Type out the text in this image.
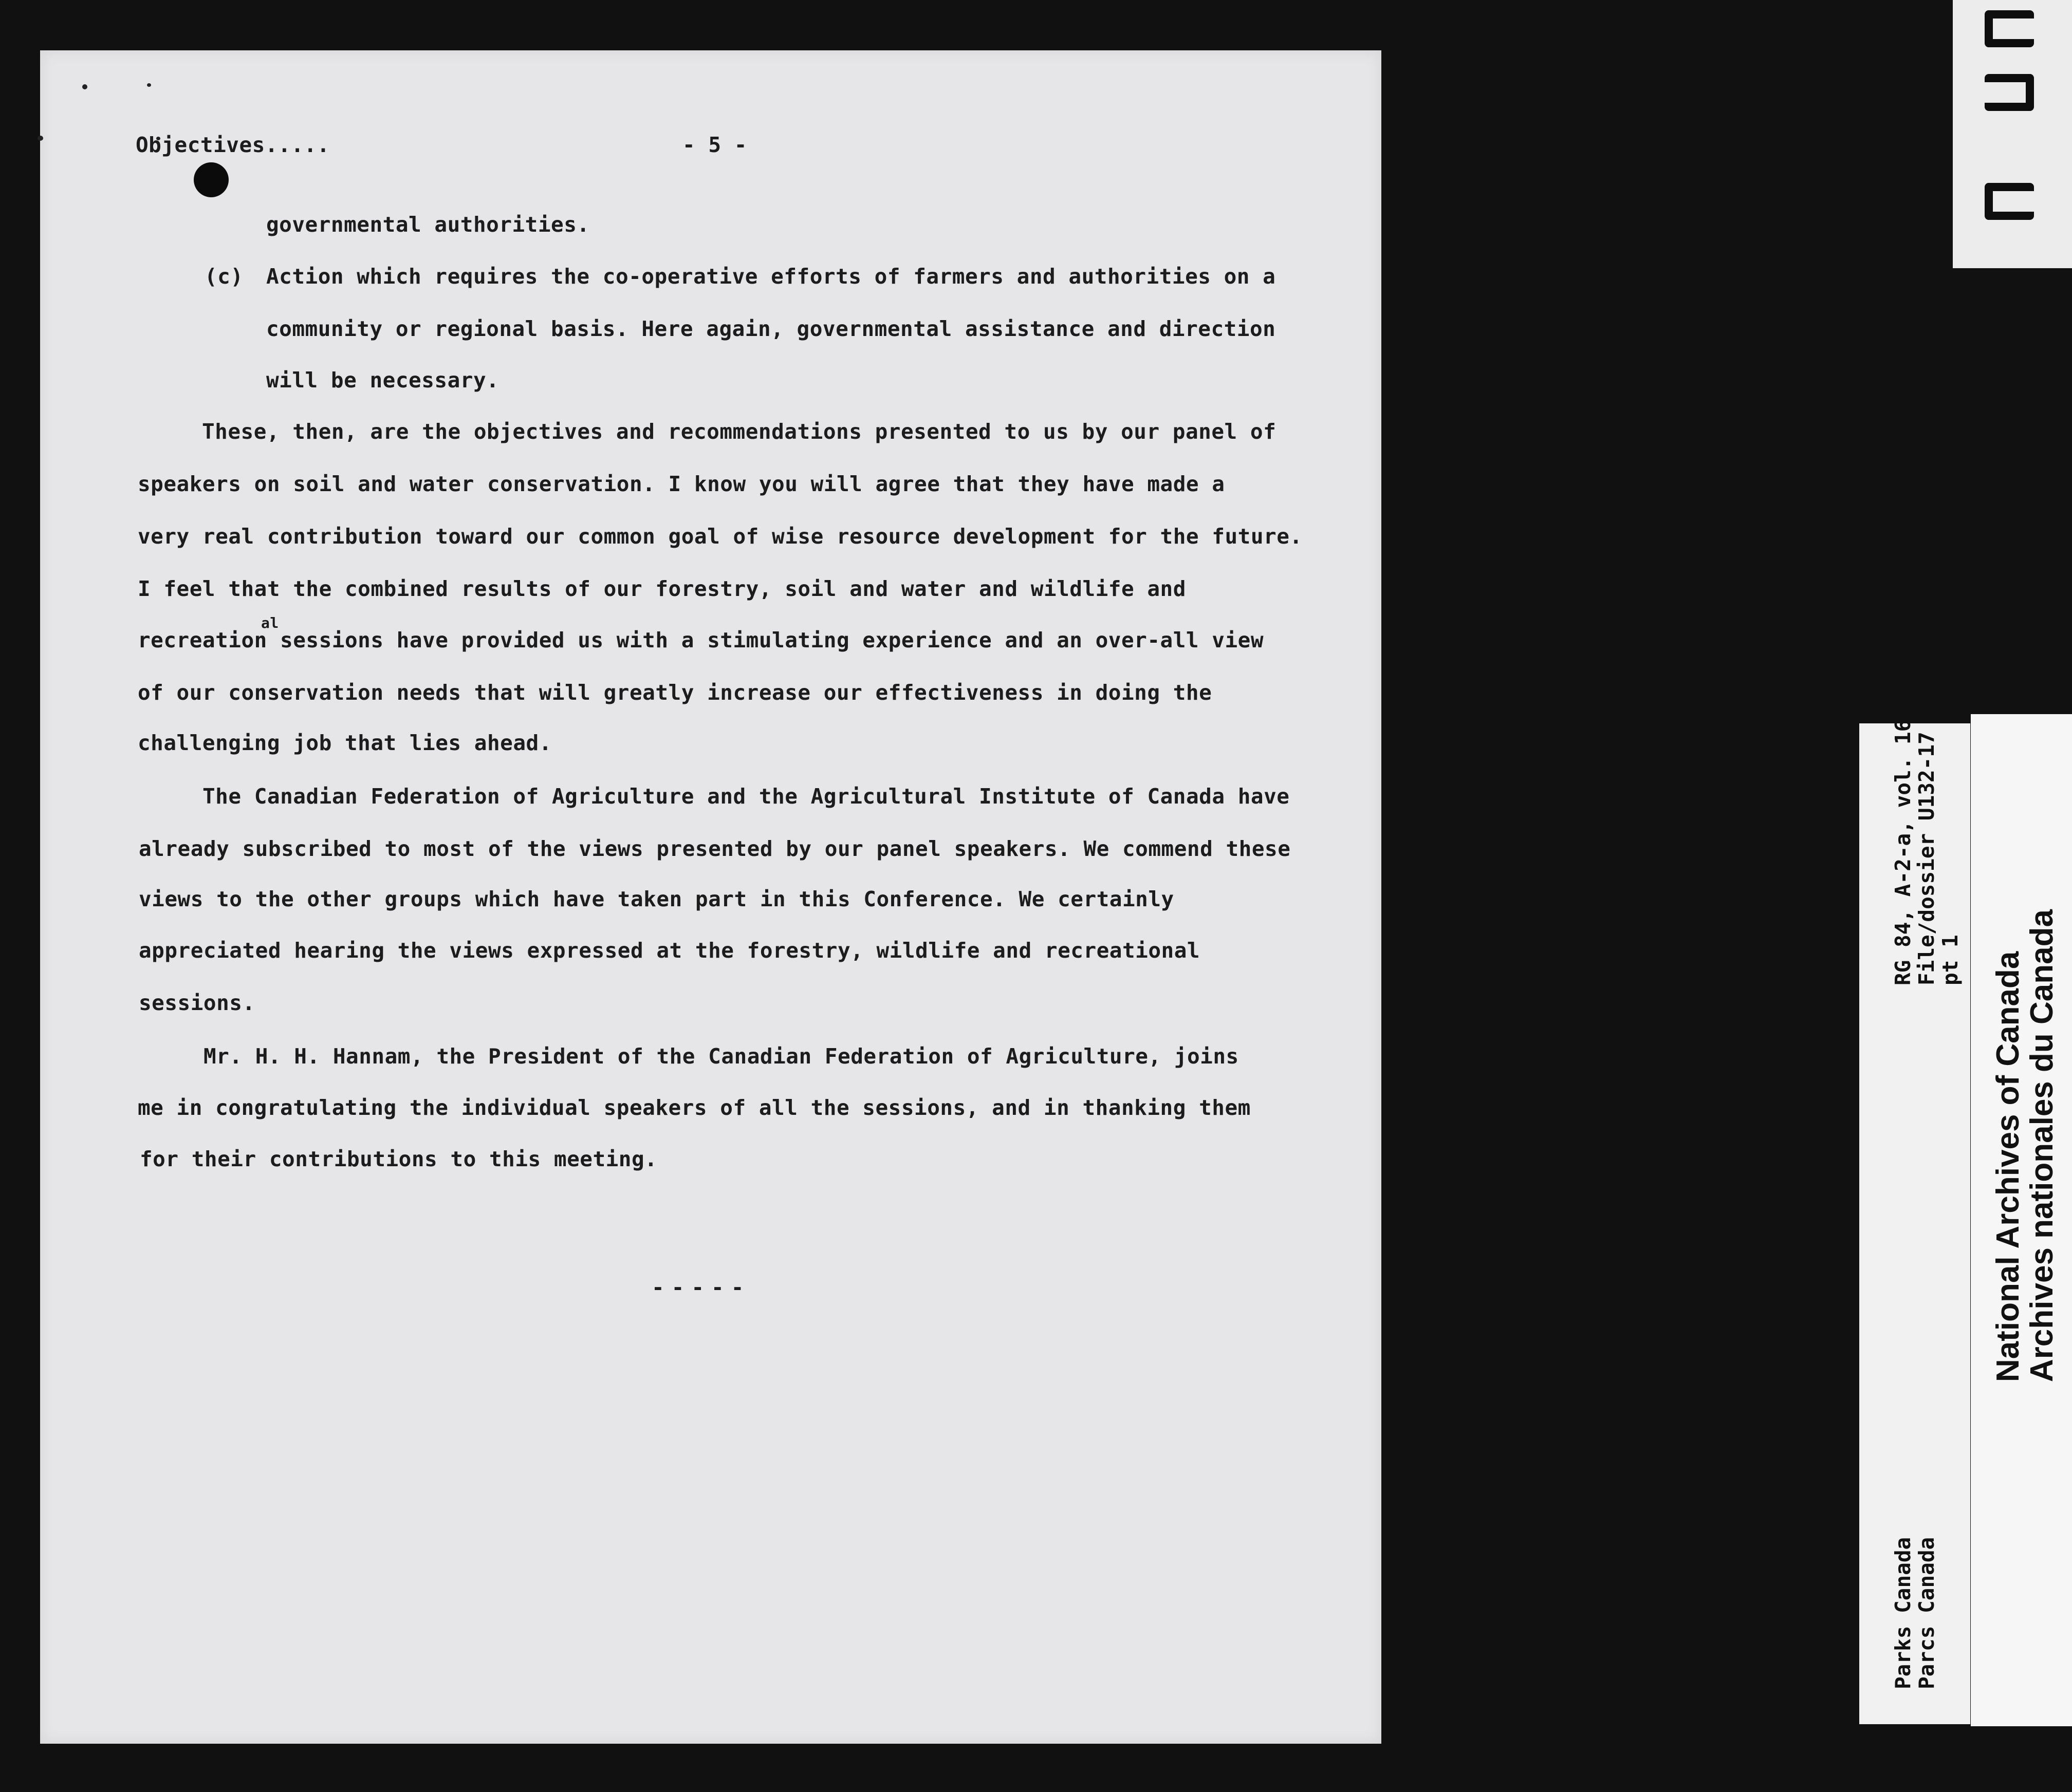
Objectives.....	- 5 -
governmental authorities.
(c) Action which requires the co-operative efforts of farmers and authorities on a
community or regional basis. Here again, governmental assistance and direction
will be necessary.
These, then, are the objectives and recommendations presented to us by our panel of
speakers on soil and water conservation. I know you will agree that they have made a
very real contribution toward our common goal of wise resource development for the future.
I feel that the combined results of our forestry, soil and water and wildlife and
recreation sessions have provided us with a stimulating experience and an over-all view
al
of our conservation needs that will greatly increase our effectiveness in doing the
challenging job that lies ahead.
The Canadian Federation of Agriculture and the Agricultural Institute of Canada have
already subscribed to most of the views presented by our panel speakers. We commend these
views to the other groups which have taken part in this Conference. We certainly
appreciated hearing the views expressed at the forestry, wildlife and recreational
sessions.
Mr. H. H. Hannam, the President of the Canadian Federation of Agriculture, joins
me in congratulating the individual speakers of all the sessions, and in thanking them
for their contributions to this meeting.
-----
RG 84, A-2-a, vol. 165
File/dossier U132-17
pt 1
Parks Canada
Parcs Canada
National Archives of Canada
Archives nationales du Canada
